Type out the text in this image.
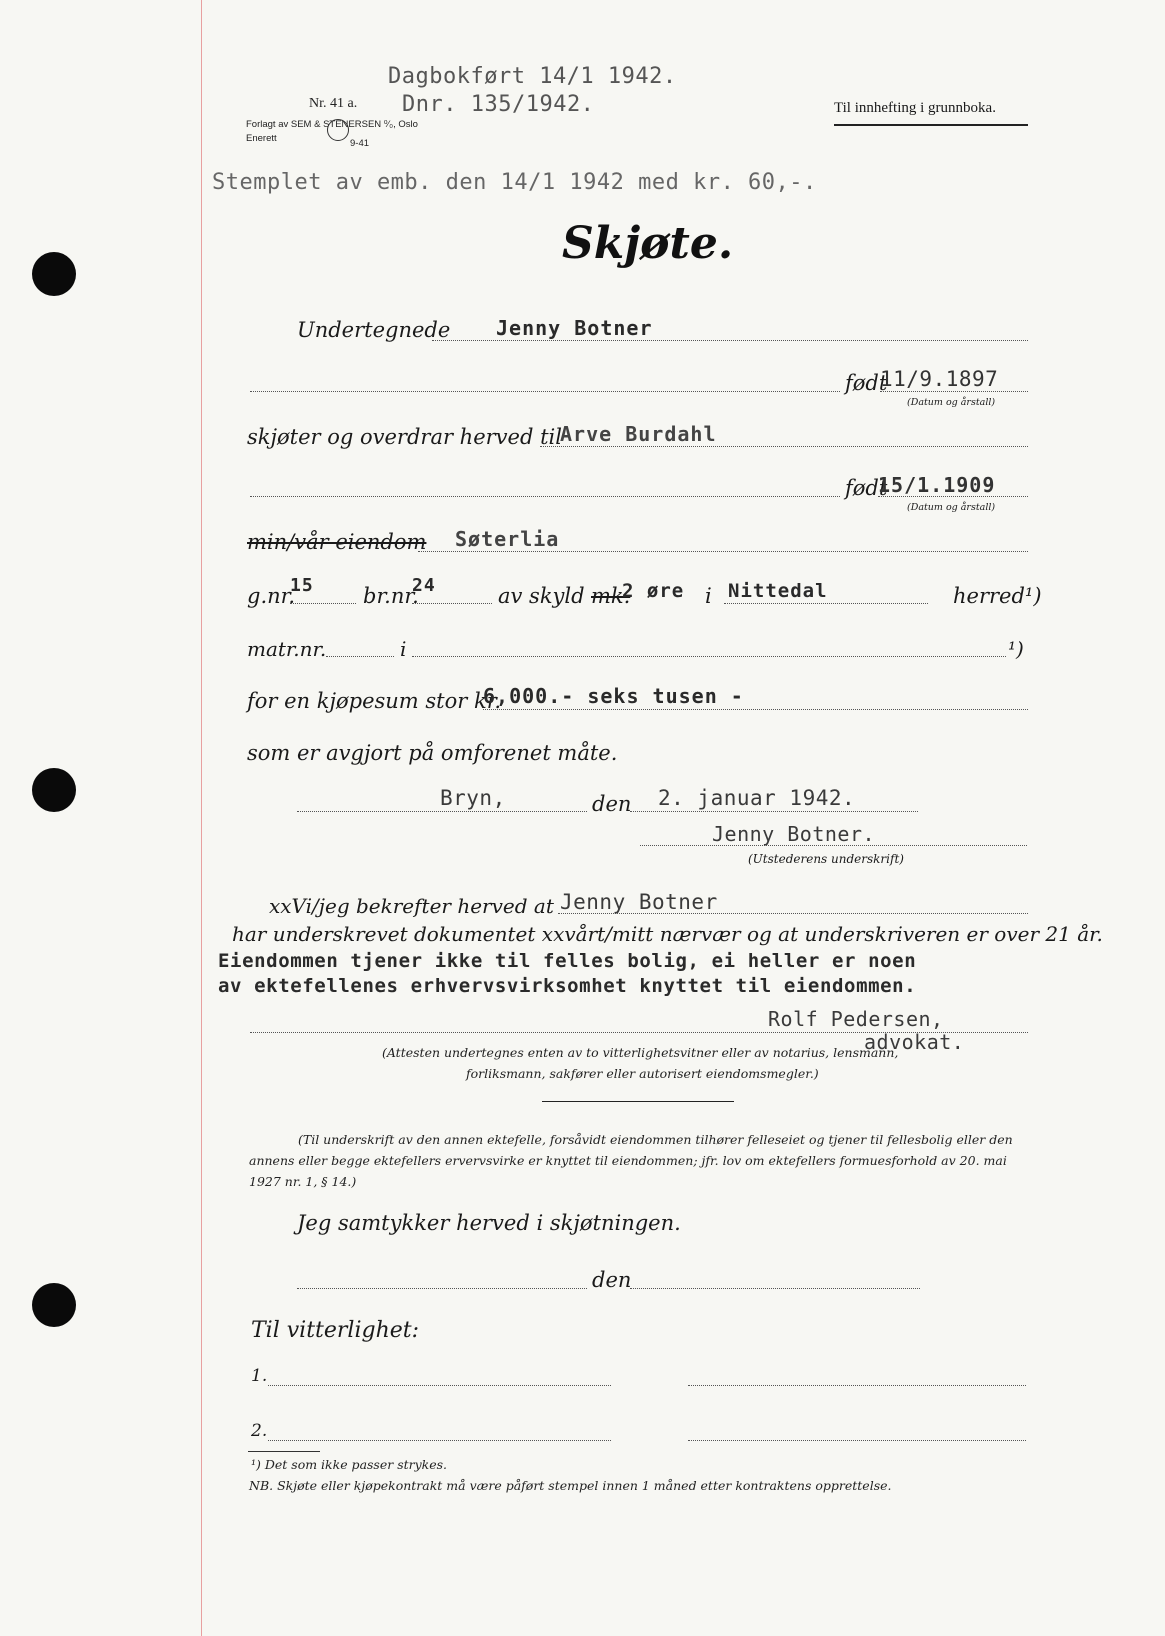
Dagbokført 14/1 1942.
Nr. 41 a. Dnr. 135/1942.	Til innhefting i grunnboka.
Forlagt av SEM & STENERSEN ⁰⁄₀, Oslo
Enerett	9-41
Stemplet av emb. den 14/1 1942 med kr. 60,-.
Skjøte.
Undertegnede Jenny Botner
født
11/9.1897
(Datum og årstall)
skjøter og overdrar herved til
Arve Burdahl
født
15/1.1909
(Datum og årstall)
min/vår eiendom Søterlia
g.nr.
15 br.nr.
24	av skyld mk.
2 øre i Nittedal	herred¹)
matr.nr.	i	¹)
for en kjøpesum stor kr.
6,000.- seks tusen -
som er avgjort på omforenet måte.
Bryn,	den 2. januar 1942.
Jenny Botner.
(Utstederens underskrift)
xxVi/jeg bekrefter herved at Jenny Botner
har underskrevet dokumentet xxvårt/mitt nærvær og at underskriveren er over 21 år.
Eiendommen tjener ikke til felles bolig, ei heller er noen
av ektefellenes erhvervsvirksomhet knyttet til eiendommen.
Rolf Pedersen,
advokat.
(Attesten undertegnes enten av to vitterlighetsvitner eller av notarius, lensmann,
forliksmann, sakfører eller autorisert eiendomsmegler.)
(Til underskrift av den annen ektefelle, forsåvidt eiendommen tilhører felleseiet og tjener til fellesbolig eller den
annens eller begge ektefellers ervervsvirke er knyttet til eiendommen; jfr. lov om ektefellers formuesforhold av 20. mai
1927 nr. 1, § 14.)
Jeg samtykker herved i skjøtningen.
den
Til vitterlighet:
1.
2.
¹) Det som ikke passer strykes.
NB. Skjøte eller kjøpekontrakt må være påført stempel innen 1 måned etter kontraktens opprettelse.
